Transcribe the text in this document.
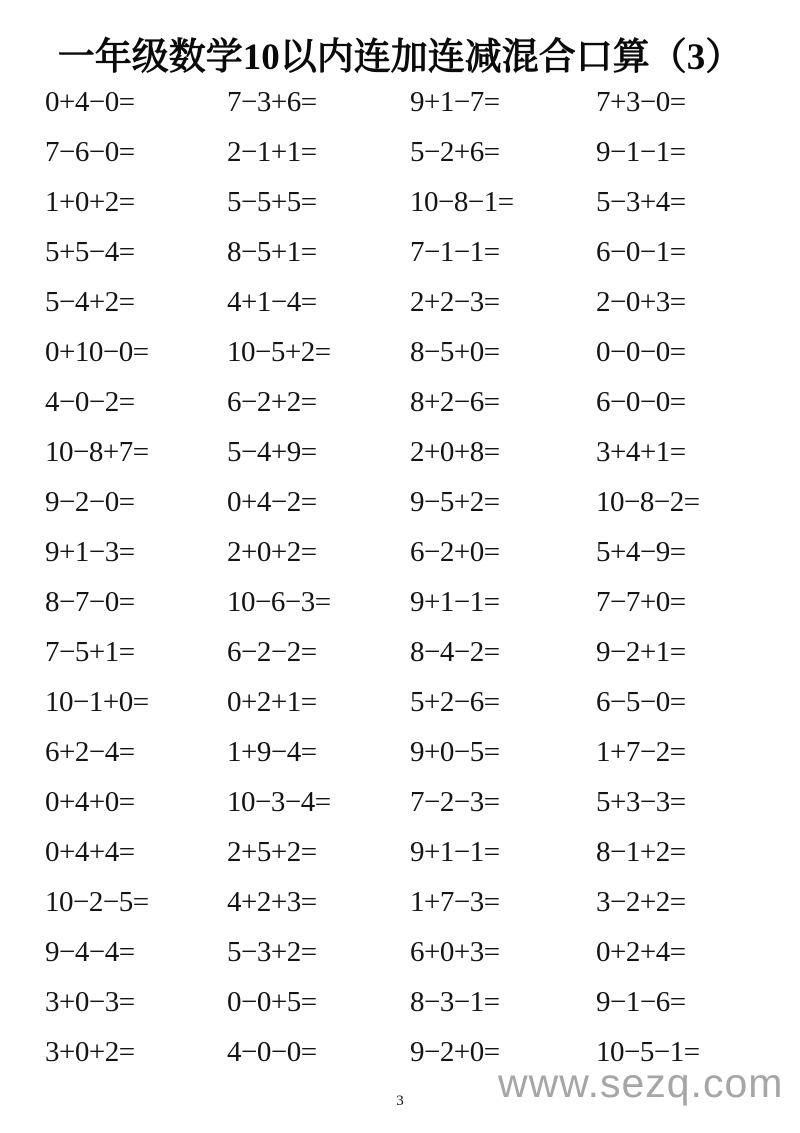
一年级数学10以内连加连减混合口算（3）
0+4−0=	7−3+6=	9+1−7=	7+3−0=
7−6−0=	2−1+1=	5−2+6=	9−1−1=
1+0+2=	5−5+5=	10−8−1=	5−3+4=
5+5−4=	8−5+1=	7−1−1=	6−0−1=
5−4+2=	4+1−4=	2+2−3=	2−0+3=
0+10−0=	10−5+2=	8−5+0=	0−0−0=
4−0−2=	6−2+2=	8+2−6=	6−0−0=
10−8+7=	5−4+9=	2+0+8=	3+4+1=
9−2−0=	0+4−2=	9−5+2=	10−8−2=
9+1−3=	2+0+2=	6−2+0=	5+4−9=
8−7−0=	10−6−3=	9+1−1=	7−7+0=
7−5+1=	6−2−2=	8−4−2=	9−2+1=
10−1+0=	0+2+1=	5+2−6=	6−5−0=
6+2−4=	1+9−4=	9+0−5=	1+7−2=
0+4+0=	10−3−4=	7−2−3=	5+3−3=
0+4+4=	2+5+2=	9+1−1=	8−1+2=
10−2−5=	4+2+3=	1+7−3=	3−2+2=
9−4−4=	5−3+2=	6+0+3=	0+2+4=
3+0−3=	0−0+5=	8−3−1=	9−1−6=
3+0+2=	4−0−0=	9−2+0=	10−5−1=
www.sezq.com
3
